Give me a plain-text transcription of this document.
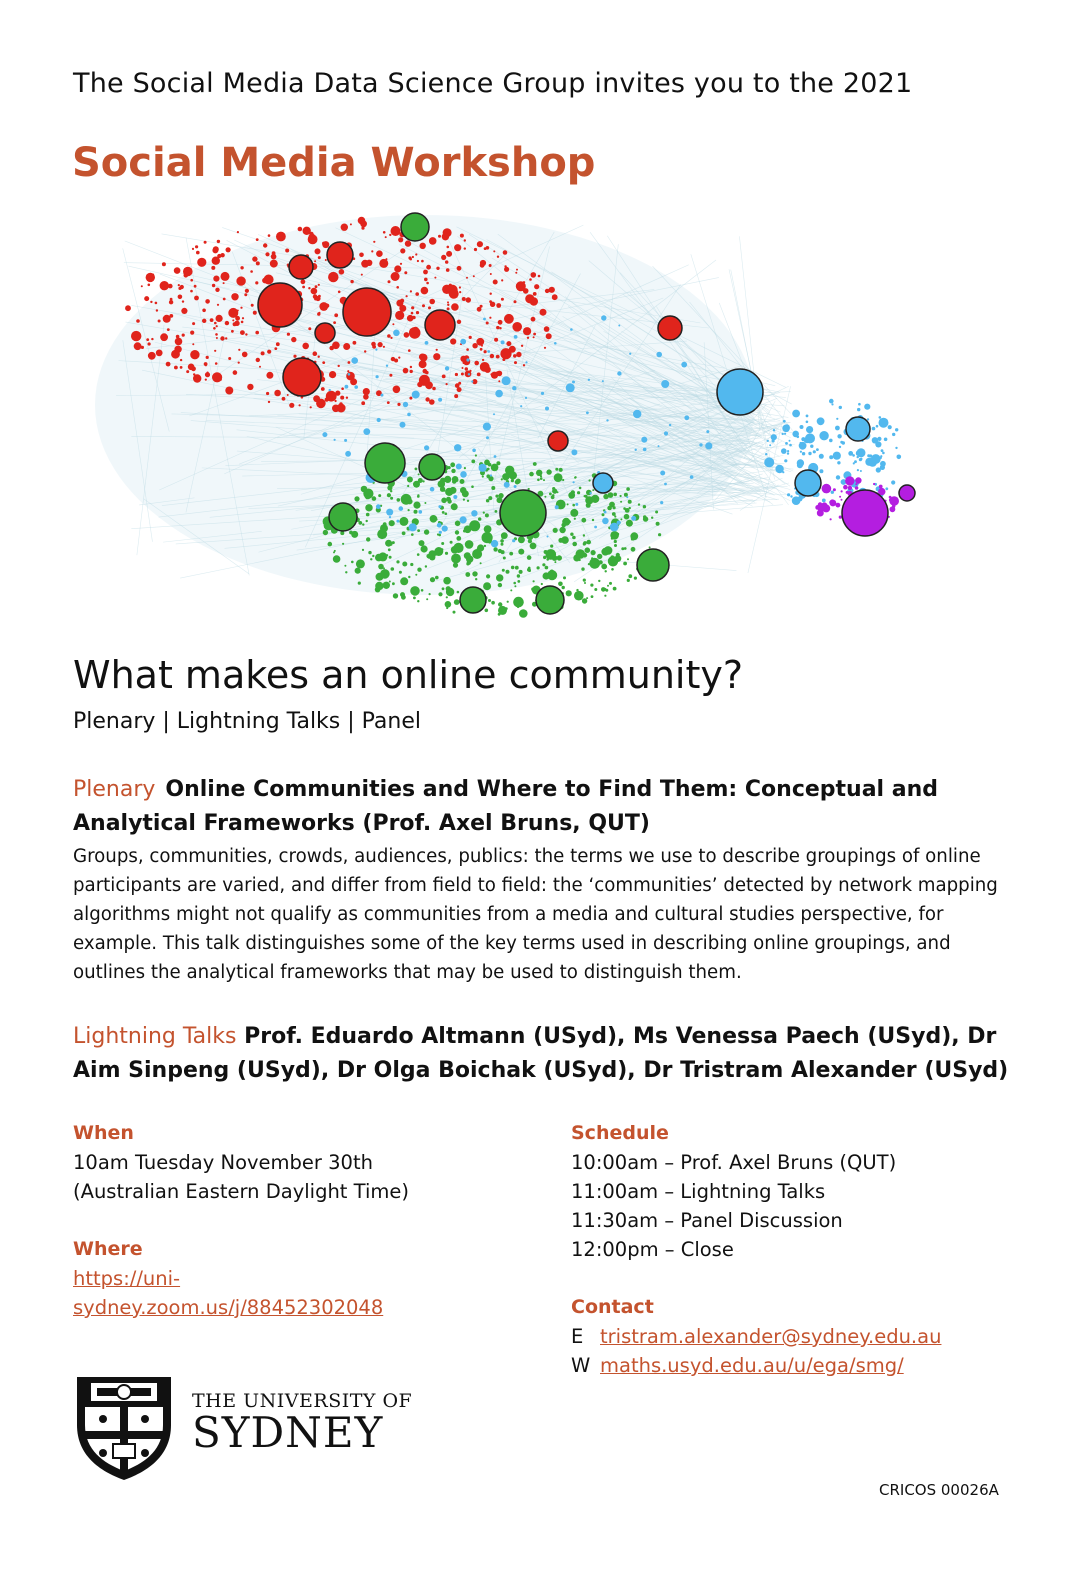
The Social Media Data Science Group invites you to the 2021
Social Media Workshop
What makes an online community?
Plenary | Lightning Talks | Panel
Plenary Online Communities and Where to Find Them: Conceptual and Analytical Frameworks (Prof. Axel Bruns, QUT)
Groups, communities, crowds, audiences, publics: the terms we use to describe groupings of online participants are varied, and differ from field to field: the ‘communities’ detected by network mapping algorithms might not qualify as communities from a media and cultural studies perspective, for example. This talk distinguishes some of the key terms used in describing online groupings, and outlines the analytical frameworks that may be used to distinguish them.
Lightning Talks Prof. Eduardo Altmann (USyd), Ms Venessa Paech (USyd), Dr Aim Sinpeng (USyd), Dr Olga Boichak (USyd), Dr Tristram Alexander (USyd)
When
10am Tuesday November 30th
(Australian Eastern Daylight Time)
Where
https://uni-
sydney.zoom.us/j/88452302048
Schedule
10:00am – Prof. Axel Bruns (QUT)
11:00am – Lightning Talks
11:30am – Panel Discussion
12:00pm – Close
Contact
E tristram.alexander@sydney.edu.au
W maths.usyd.edu.au/u/ega/smg/
THE UNIVERSITY OF
SYDNEY
CRICOS 00026A
